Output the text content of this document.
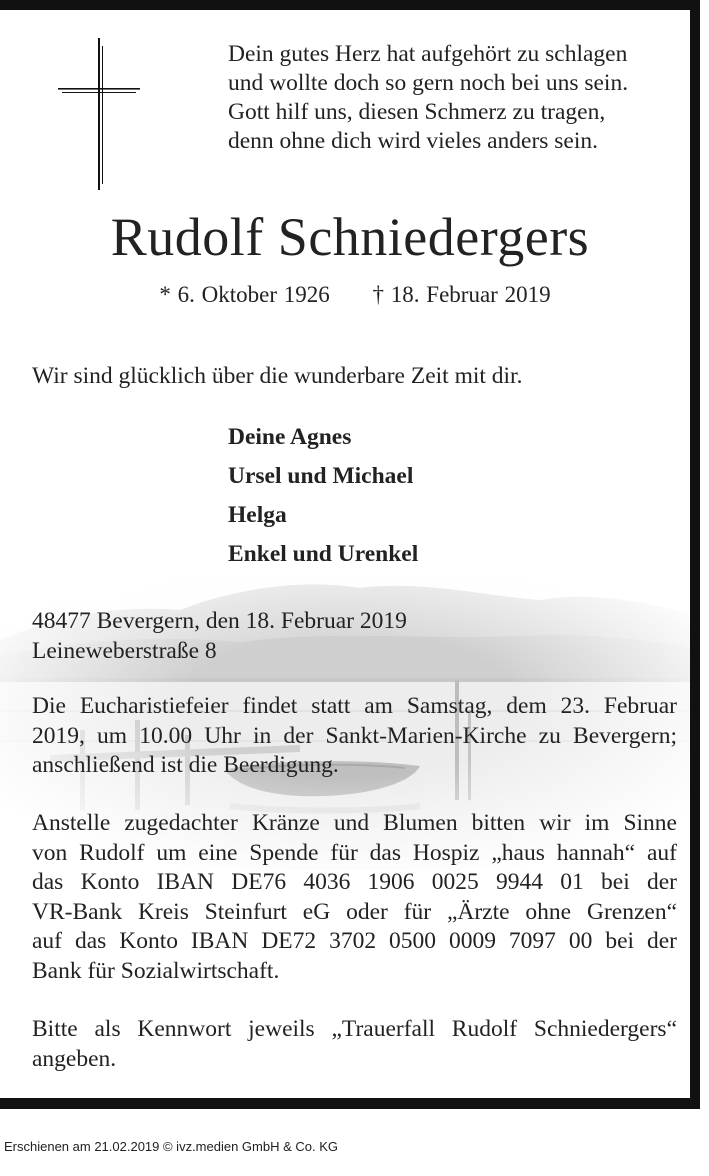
Dein gutes Herz hat aufgehört zu schlagen
und wollte doch so gern noch bei uns sein.
Gott hilf uns, diesen Schmerz zu tragen,
denn ohne dich wird vieles anders sein.
Rudolf Schniedergers
* 6. Oktober 1926 † 18. Februar 2019
Wir sind glücklich über die wunderbare Zeit mit dir.
Deine Agnes
Ursel und Michael
Helga
Enkel und Urenkel
48477 Bevergern, den 18. Februar 2019
Leineweberstraße 8
Die Eucharistiefeier findet statt am Samstag, dem 23. Februar
2019, um 10.00 Uhr in der Sankt-Marien-Kirche zu Bevergern;
anschließend ist die Beerdigung.
Anstelle zugedachter Kränze und Blumen bitten wir im Sinne
von Rudolf um eine Spende für das Hospiz „haus hannah“ auf
das Konto IBAN DE76 4036 1906 0025 9944 01 bei der
VR-Bank Kreis Steinfurt eG oder für „Ärzte ohne Grenzen“
auf das Konto IBAN DE72 3702 0500 0009 7097 00 bei der
Bank für Sozialwirtschaft.
Bitte als Kennwort jeweils „Trauerfall Rudolf Schniedergers“
angeben.
Erschienen am 21.02.2019 © ivz.medien GmbH & Co. KG
